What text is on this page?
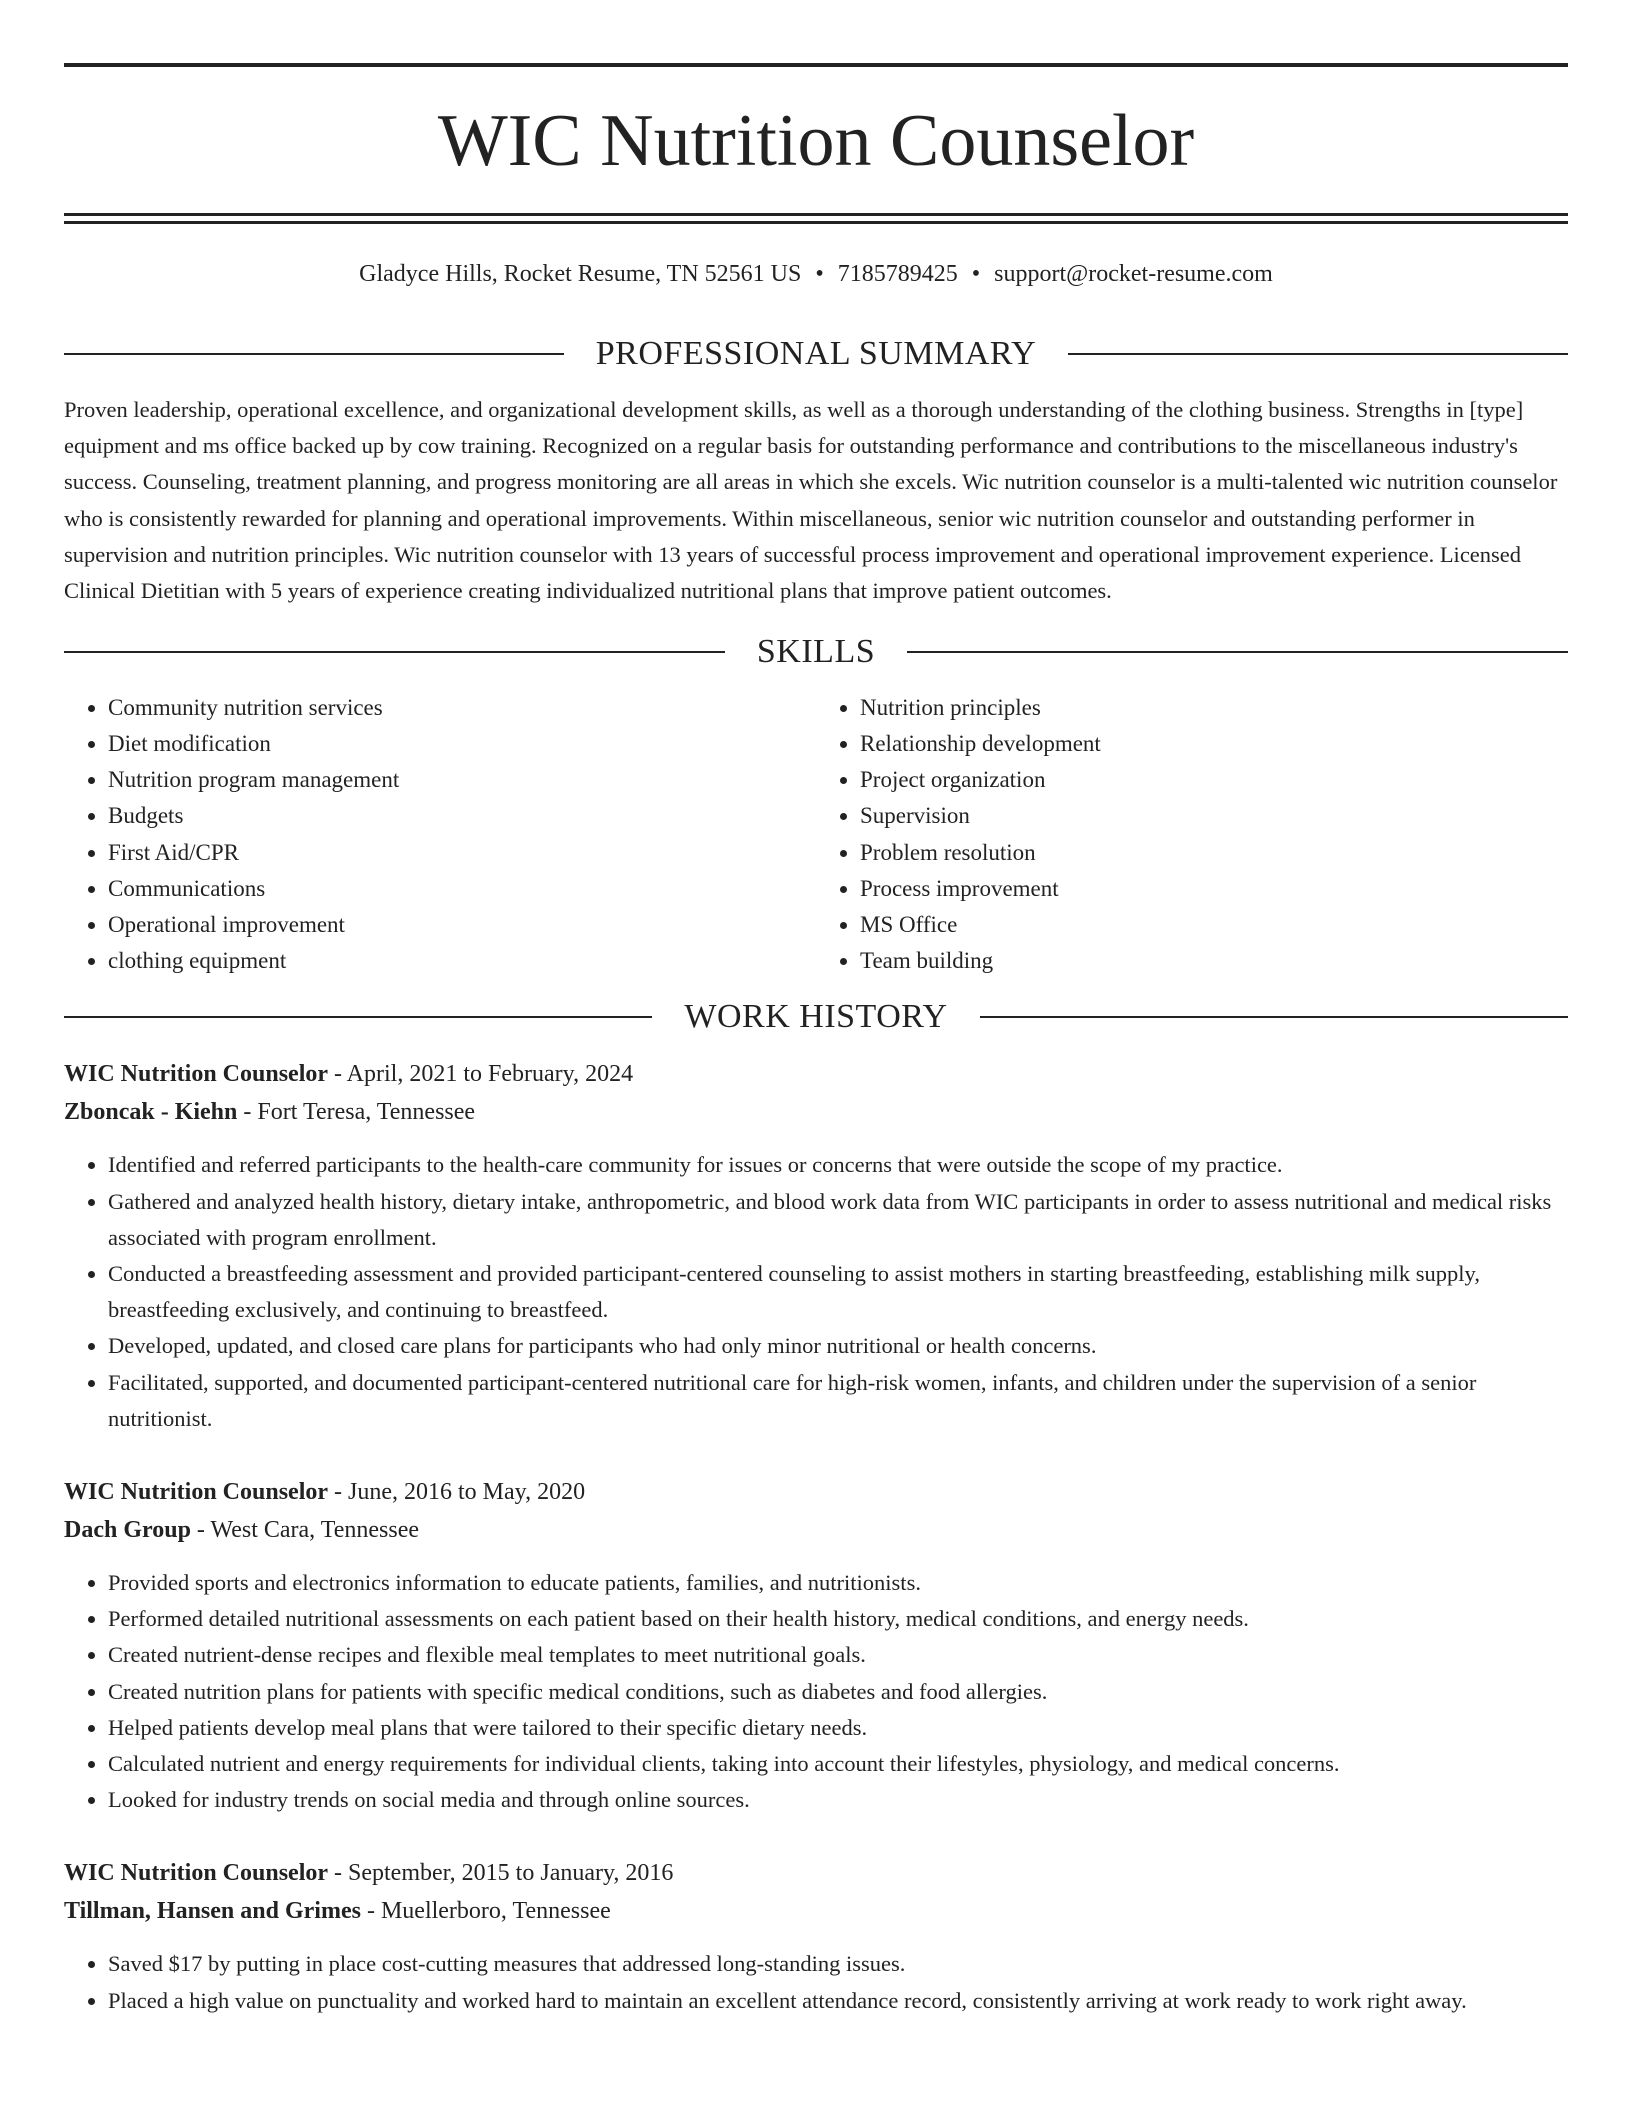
WIC Nutrition Counselor
Gladyce Hills, Rocket Resume, TN 52561 US • 7185789425 • support@rocket-resume.com
PROFESSIONAL SUMMARY

Proven leadership, operational excellence, and organizational development skills, as well as a thorough understanding of the clothing business. Strengths in [type] equipment and ms office backed up by cow training. Recognized on a regular basis for outstanding performance and contributions to the miscellaneous industry's success. Counseling, treatment planning, and progress monitoring are all areas in which she excels. Wic nutrition counselor is a multi-talented wic nutrition counselor who is consistently rewarded for planning and operational improvements. Within miscellaneous, senior wic nutrition counselor and outstanding performer in supervision and nutrition principles. Wic nutrition counselor with 13 years of successful process improvement and operational improvement experience. Licensed Clinical Dietitian with 5 years of experience creating individualized nutritional plans that improve patient outcomes.

SKILLS
• Community nutrition services
• Diet modification
• Nutrition program management
• Budgets
• First Aid/CPR
• Communications
• Operational improvement
• clothing equipment
• Nutrition principles
• Relationship development
• Project organization
• Supervision
• Problem resolution
• Process improvement
• MS Office
• Team building
WORK HISTORY
WIC Nutrition Counselor - April, 2021 to February, 2024
Zboncak - Kiehn - Fort Teresa, Tennessee
• Identified and referred participants to the health-care community for issues or concerns that were outside the scope of my practice.
• Gathered and analyzed health history, dietary intake, anthropometric, and blood work data from WIC participants in order to assess nutritional and medical risks associated with program enrollment.
• Conducted a breastfeeding assessment and provided participant-centered counseling to assist mothers in starting breastfeeding, establishing milk supply, breastfeeding exclusively, and continuing to breastfeed.
• Developed, updated, and closed care plans for participants who had only minor nutritional or health concerns.
• Facilitated, supported, and documented participant-centered nutritional care for high-risk women, infants, and children under the supervision of a senior nutritionist.
WIC Nutrition Counselor - June, 2016 to May, 2020
Dach Group - West Cara, Tennessee
• Provided sports and electronics information to educate patients, families, and nutritionists.
• Performed detailed nutritional assessments on each patient based on their health history, medical conditions, and energy needs.
• Created nutrient-dense recipes and flexible meal templates to meet nutritional goals.
• Created nutrition plans for patients with specific medical conditions, such as diabetes and food allergies.
• Helped patients develop meal plans that were tailored to their specific dietary needs.
• Calculated nutrient and energy requirements for individual clients, taking into account their lifestyles, physiology, and medical concerns.
• Looked for industry trends on social media and through online sources.
WIC Nutrition Counselor - September, 2015 to January, 2016
Tillman, Hansen and Grimes - Muellerboro, Tennessee
• Saved $17 by putting in place cost-cutting measures that addressed long-standing issues.
• Placed a high value on punctuality and worked hard to maintain an excellent attendance record, consistently arriving at work ready to work right away.
